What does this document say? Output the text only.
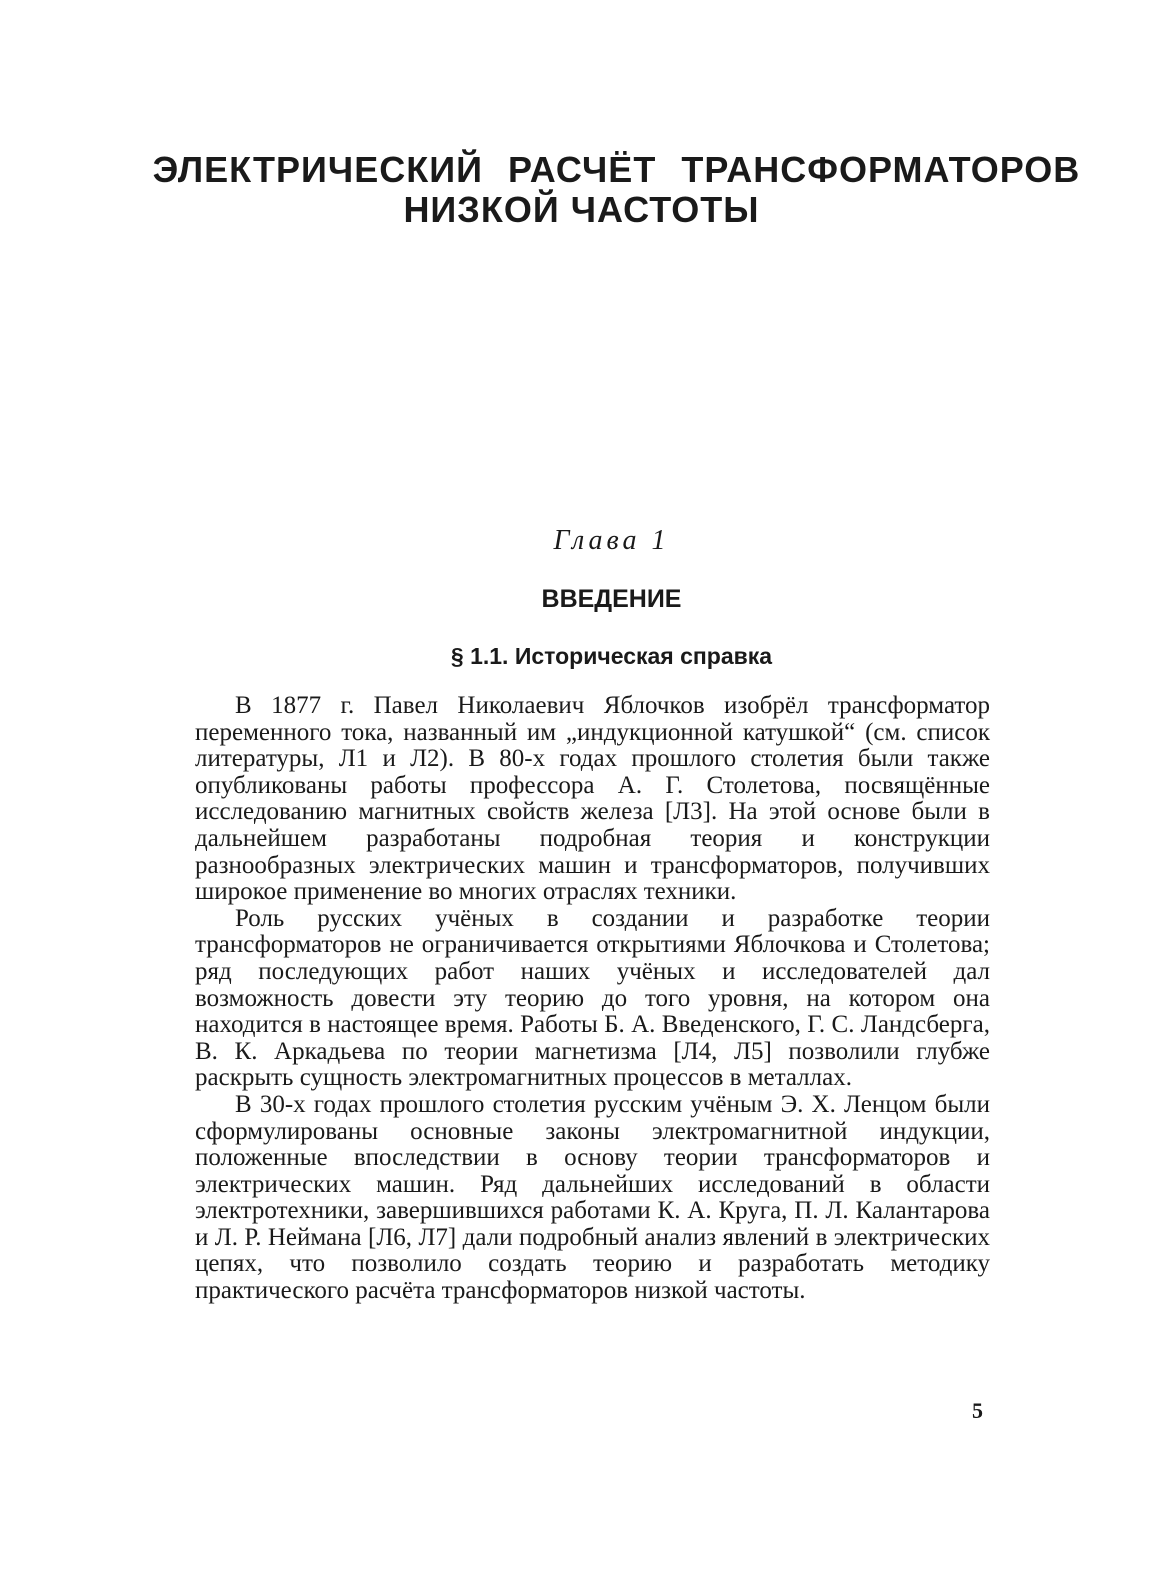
ЭЛЕКТРИЧЕСКИЙ РАСЧЁТ ТРАНСФОРМАТОРОВ
НИЗКОЙ ЧАСТОТЫ
Глава 1
ВВЕДЕНИЕ
§ 1.1. Историческая справка

В 1877 г. Павел Николаевич Яблочков изобрёл трансформатор переменного тока, названный им „индукционной катушкой“ (см. список литературы, Л1 и Л2). В 80-х годах прошлого столетия были также опубликованы работы профессора А. Г. Столетова, посвящённые исследованию магнитных свойств железа [Л3]. На этой основе были в дальнейшем разработаны подробная теория и конструкции разнообразных электрических машин и трансформаторов, получивших широкое применение во многих отраслях техники.

Роль русских учёных в создании и разработке теории трансформаторов не ограничивается открытиями Яблочкова и Столетова; ряд последующих работ наших учёных и исследователей дал возможность довести эту теорию до того уровня, на котором она находится в настоящее время. Работы Б. А. Введенского, Г. С. Ландсберга, В. К. Аркадьева по теории магнетизма [Л4, Л5] позволили глубже раскрыть сущность электромагнитных процессов в металлах.

В 30-х годах прошлого столетия русским учёным Э. Х. Ленцом были сформулированы основные законы электромагнитной индукции, положенные впоследствии в основу теории трансформаторов и электрических машин. Ряд дальнейших исследований в области электротехники, завершившихся работами К. А. Круга, П. Л. Калантарова и Л. Р. Неймана [Л6, Л7] дали подробный анализ явлений в электрических цепях, что позволило создать теорию и разработать методику практического расчёта трансформаторов низкой частоты.

5
